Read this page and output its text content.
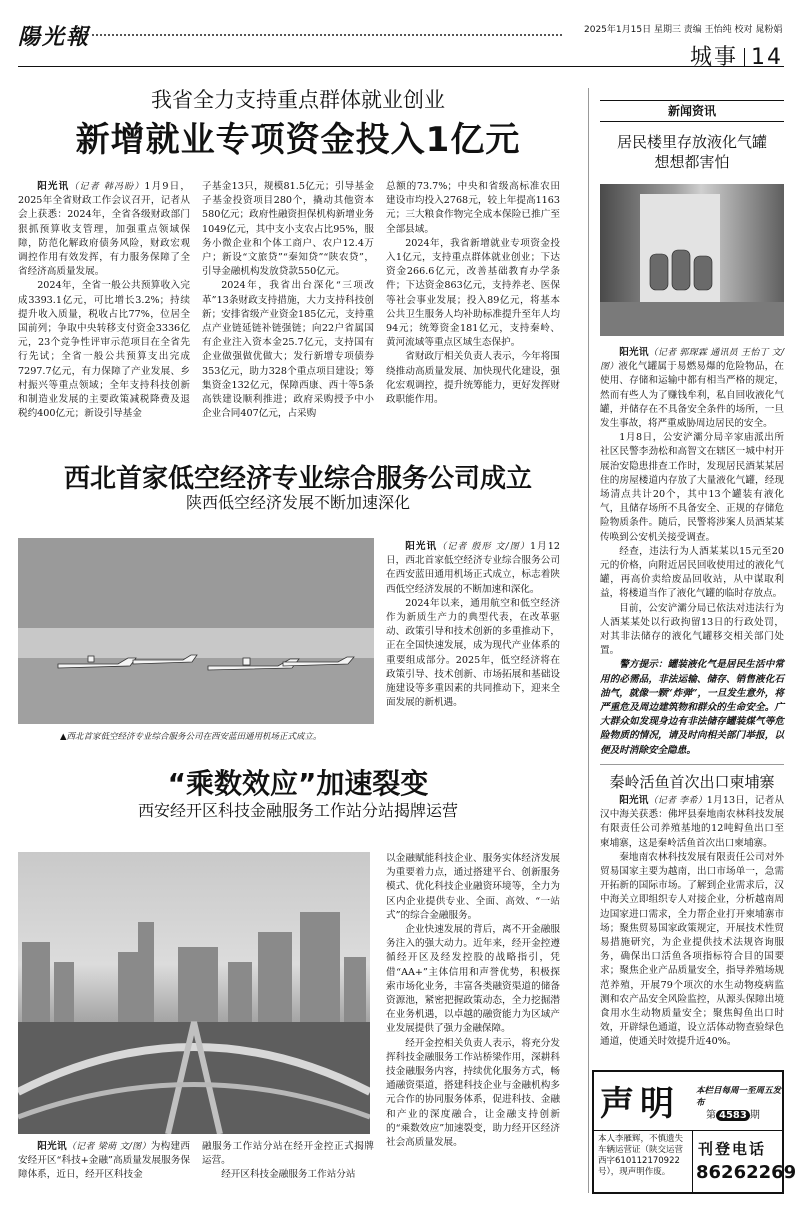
陽光報	2025年1月15日 星期三 责编 王怡纯 校对 晁粉娟
城事 14
我省全力支持重点群体就业创业
新增就业专项资金投入1亿元

阳光讯（记者 韩冯盼）1月9日，2025年全省财政工作会议召开，记者从会上获悉：2024年，全省各级财政部门狠抓预算收支管理，加强重点领域保障，防范化解政府债务风险，财政宏观调控作用有效发挥，有力服务保障了全省经济高质量发展。

2024年，全省一般公共预算收入完成3393.1亿元，可比增长3.2%；持续提升收入质量，税收占比77%，位居全国前列；争取中央转移支付资金3336亿元，23个竞争性评审示范项目在全省先行先试；全省一般公共预算支出完成7297.7亿元，有力保障了产业发展、乡村振兴等重点领域；全年支持科技创新和制造业发展的主要政策减税降费及退税约400亿元；新设引导基金

子基金13只，规模81.5亿元；引导基金子基金投资项目280个，撬动其他资本580亿元；政府性融资担保机构新增业务1049亿元，其中支小支农占比95%，服务小微企业和个体工商户、农户12.4万户；新设“文旅贷”“秦知贷”“陕农贷”，引导金融机构发放贷款550亿元。

2024年，我省出台深化“三项改革”13条财政支持措施，大力支持科技创新；安排省级产业资金185亿元，支持重点产业链延链补链强链；向22户省属国有企业注入资本金25.7亿元，支持国有企业做强做优做大；发行新增专项债券353亿元，助力328个重点项目建设；筹集资金132亿元，保障西康、西十等5条高铁建设顺利推进；政府采购授予中小企业合同407亿元，占采购

总额的73.7%；中央和省级高标准农田建设市均投入2768元，较上年提高1163元；三大粮食作物完全成本保险已推广至全部县域。

2024年，我省新增就业专项资金投入1亿元，支持重点群体就业创业；下达资金266.6亿元，改善基础教育办学条件；下达资金863亿元，支持养老、医保等社会事业发展；投入89亿元，将基本公共卫生服务人均补助标准提升至年人均94元；统筹资金181亿元，支持秦岭、黄河流域等重点区域生态保护。

省财政厅相关负责人表示，今年将围绕推动高质量发展、加快现代化建设，强化宏观调控，提升统筹能力，更好发挥财政职能作用。

西北首家低空经济专业综合服务公司成立
陕西低空经济发展不断加速深化
▲西北首家低空经济专业综合服务公司在西安蓝田通用机场正式成立。

阳光讯（记者 殷形 文/图）1月12日，西北首家低空经济专业综合服务公司在西安蓝田通用机场正式成立，标志着陕西低空经济发展的不断加速和深化。

2024年以来，通用航空和低空经济作为新质生产力的典型代表，在改革驱动、政策引导和技术创新的多重推动下，正在全国快速发展，成为现代产业体系的重要组成部分。2025年，低空经济将在政策引导、技术创新、市场拓展和基础设施建设等多重因素的共同推动下，迎来全面发展的新机遇。

“乘数效应”加速裂变
西安经开区科技金融服务工作站分站揭牌运营

阳光讯（记者 梁萌 文/图）为构建西安经开区“科技+金融”高质量发展服务保障体系，近日，经开区科技金

融服务工作站分站在经开金控正式揭牌运营。

经开区科技金融服务工作站分站

以金融赋能科技企业、服务实体经济发展为重要着力点，通过搭建平台、创新服务模式、优化科技企业融资环境等，全力为区内企业提供专业、全面、高效、“一站式”的综合金融服务。

企业快速发展的背后，离不开金融服务注入的强大动力。近年来，经开金控遵循经开区及经发控股的战略指引，凭借“AA+”主体信用和声誉优势，积极探索市场化业务，丰富各类融资渠道的储备资源池，紧密把握政策动态，全力挖掘潜在业务机遇，以卓越的融资能力为区域产业发展提供了强力金融保障。

经开金控相关负责人表示，将充分发挥科技金融服务工作站桥梁作用，深耕科技金融服务内容，持续优化服务方式，畅通融资渠道，搭建科技企业与金融机构多元合作的协同服务体系，促进科技、金融和产业的深度融合，让金融支持创新的“乘数效应”加速裂变，助力经开区经济社会高质量发展。

新闻资讯
居民楼里存放液化气罐
想想都害怕

阳光讯（记者 郭琛霖 通讯员 王怡丁 文/图）液化气罐属于易燃易爆的危险物品，在使用、存储和运输中都有相当严格的规定，然而有些人为了赚钱牟利，私自回收液化气罐，并储存在不具备安全条件的场所，一旦发生事故，将严重威胁周边居民的安全。

1月8日，公安浐灞分局辛家庙派出所社区民警李劲松和高智文在辖区一城中村开展治安隐患排查工作时，发现居民酒某某居住的房屋楼道内存放了大量液化气罐，经现场清点共计20个，其中13个罐装有液化气，且储存场所不具备安全、正规的存储危险物质条件。随后，民警将涉案人员酒某某传唤到公安机关接受调查。

经查，违法行为人酒某某以15元至20元的价格，向附近居民回收使用过的液化气罐，再高价卖给废品回收站，从中谋取利益，将楼道当作了液化气罐的临时存放点。

目前，公安浐灞分局已依法对违法行为人酒某某处以行政拘留13日的行政处罚，对其非法储存的液化气罐移交相关部门处置。

警方提示：罐装液化气是居民生活中常用的必需品，非法运输、储存、销售液化石油气，就像一颗“炸弹”，一旦发生意外，将严重危及周边建筑物和群众的生命安全。广大群众如发现身边有非法储存罐装煤气等危险物质的情况，请及时向相关部门举报，以便及时消除安全隐患。

秦岭活鱼首次出口柬埔寨

阳光讯（记者 李希）1月13日，记者从汉中海关获悉：佛坪县秦地南农林科技发展有限责任公司养殖基地的12吨鲟鱼出口至柬埔寨，这是秦岭活鱼首次出口柬埔寨。

秦地南农林科技发展有限责任公司对外贸易国家主要为越南，出口市场单一，急需开拓新的国际市场。了解到企业需求后，汉中海关立即组织专人对接企业，分析越南周边国家进口需求，全力帮企业打开柬埔寨市场；聚焦贸易国家政策规定，开展技术性贸易措施研究，为企业提供技术法规咨询服务，确保出口活鱼各项指标符合目的国要求；聚焦企业产品质量安全，指导养殖场规范养殖，开展79个项次的水生动物疫病监测和农产品安全风险监控，从源头保障出境食用水生动物质量安全；聚焦鲟鱼出口时效，开辟绿色通道，设立活体动物查验绿色通道，使通关时效提升近40%。

声明 本栏目每周一至周五发布
第 4583 期
本人李雁辉，不慎遗失车辆运营证（陕交运营西字610112170922号），现声明作废。
刊登电话
86262269
